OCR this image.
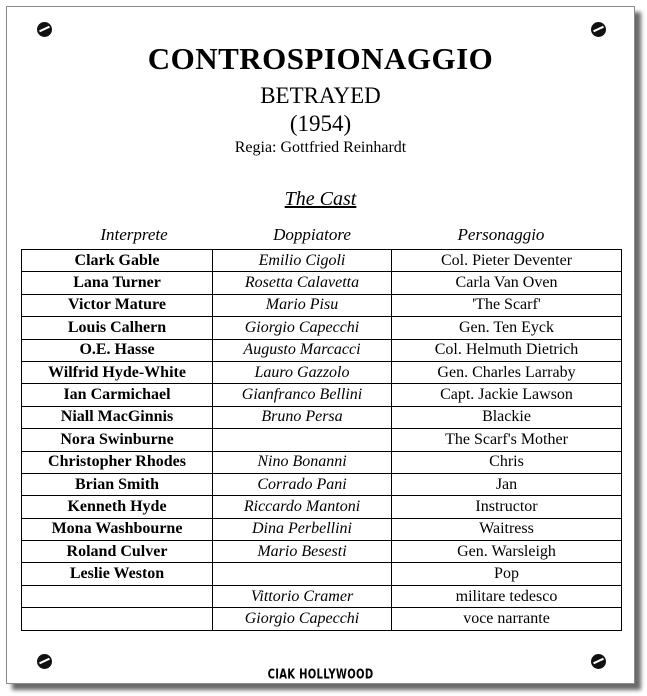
CONTROSPIONAGGIO
BETRAYED
(1954)
Regia: Gottfried Reinhardt
The Cast
Interprete	Doppiatore	Personaggio
Clark Gable	Emilio Cigoli	Col. Pieter Deventer
Lana Turner	Rosetta Calavetta	Carla Van Oven
Victor Mature	Mario Pisu	'The Scarf'
Louis Calhern	Giorgio Capecchi	Gen. Ten Eyck
O.E. Hasse	Augusto Marcacci	Col. Helmuth Dietrich
Wilfrid Hyde-White	Lauro Gazzolo	Gen. Charles Larraby
Ian Carmichael	Gianfranco Bellini	Capt. Jackie Lawson
Niall MacGinnis	Bruno Persa	Blackie
Nora Swinburne		The Scarf's Mother
Christopher Rhodes	Nino Bonanni	Chris
Brian Smith	Corrado Pani	Jan
Kenneth Hyde	Riccardo Mantoni	Instructor
Mona Washbourne	Dina Perbellini	Waitress
Roland Culver	Mario Besesti	Gen. Warsleigh
Leslie Weston		Pop
	Vittorio Cramer	militare tedesco
	Giorgio Capecchi	voce narrante
CIAK HOLLYWOOD
